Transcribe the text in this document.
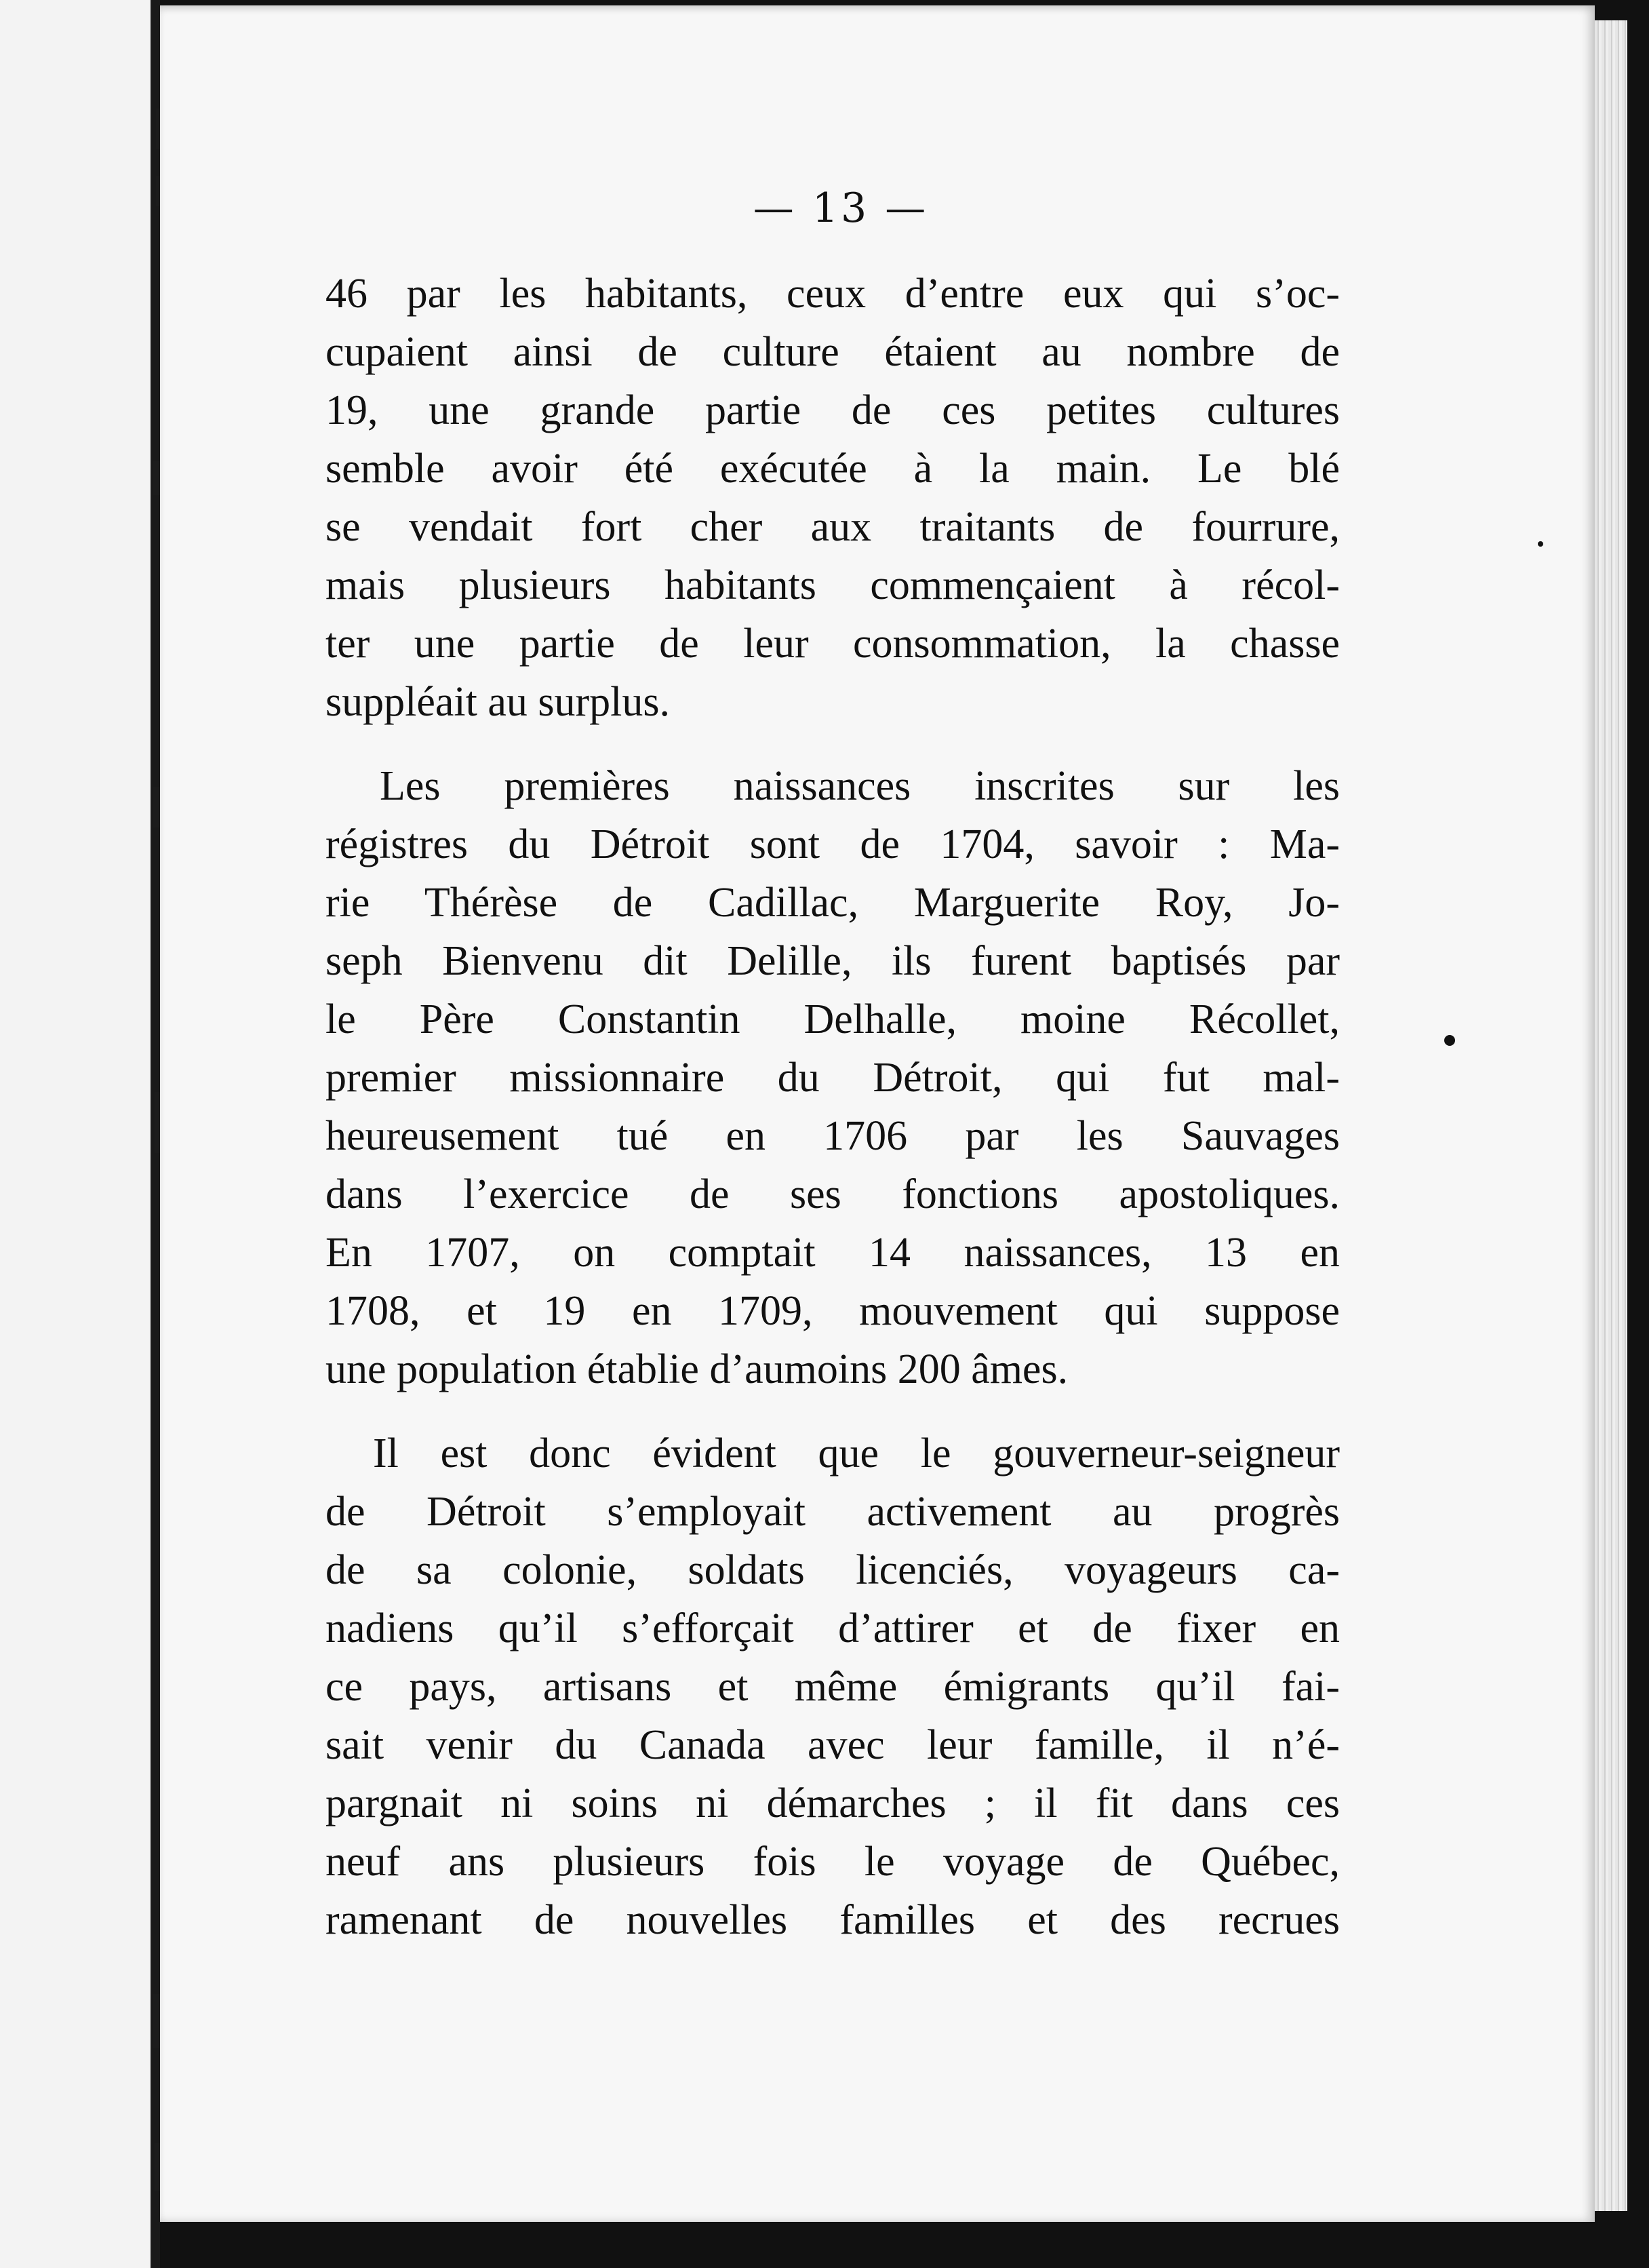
— 13 —
46 par les habitants, ceux d’entre eux qui s’oc-
cupaient ainsi de culture étaient au nombre de
19, une grande partie de ces petites cultures
semble avoir été exécutée à la main. Le blé
se vendait fort cher aux traitants de fourrure,
mais plusieurs habitants commençaient à récol-
ter une partie de leur consommation, la chasse
suppléait au surplus.
Les premières naissances inscrites sur les
régistres du Détroit sont de 1704, savoir : Ma-
rie Thérèse de Cadillac, Marguerite Roy, Jo-
seph Bienvenu dit Delille, ils furent baptisés par
le Père Constantin Delhalle, moine Récollet,
premier missionnaire du Détroit, qui fut mal-
heureusement tué en 1706 par les Sauvages
dans l’exercice de ses fonctions apostoliques.
En 1707, on comptait 14 naissances, 13 en
1708, et 19 en 1709, mouvement qui suppose
une population établie d’aumoins 200 âmes.
Il est donc évident que le gouverneur-seigneur
de Détroit s’employait activement au progrès
de sa colonie, soldats licenciés, voyageurs ca-
nadiens qu’il s’efforçait d’attirer et de fixer en
ce pays, artisans et même émigrants qu’il fai-
sait venir du Canada avec leur famille, il n’é-
pargnait ni soins ni démarches ; il fit dans ces
neuf ans plusieurs fois le voyage de Québec,
ramenant de nouvelles familles et des recrues
